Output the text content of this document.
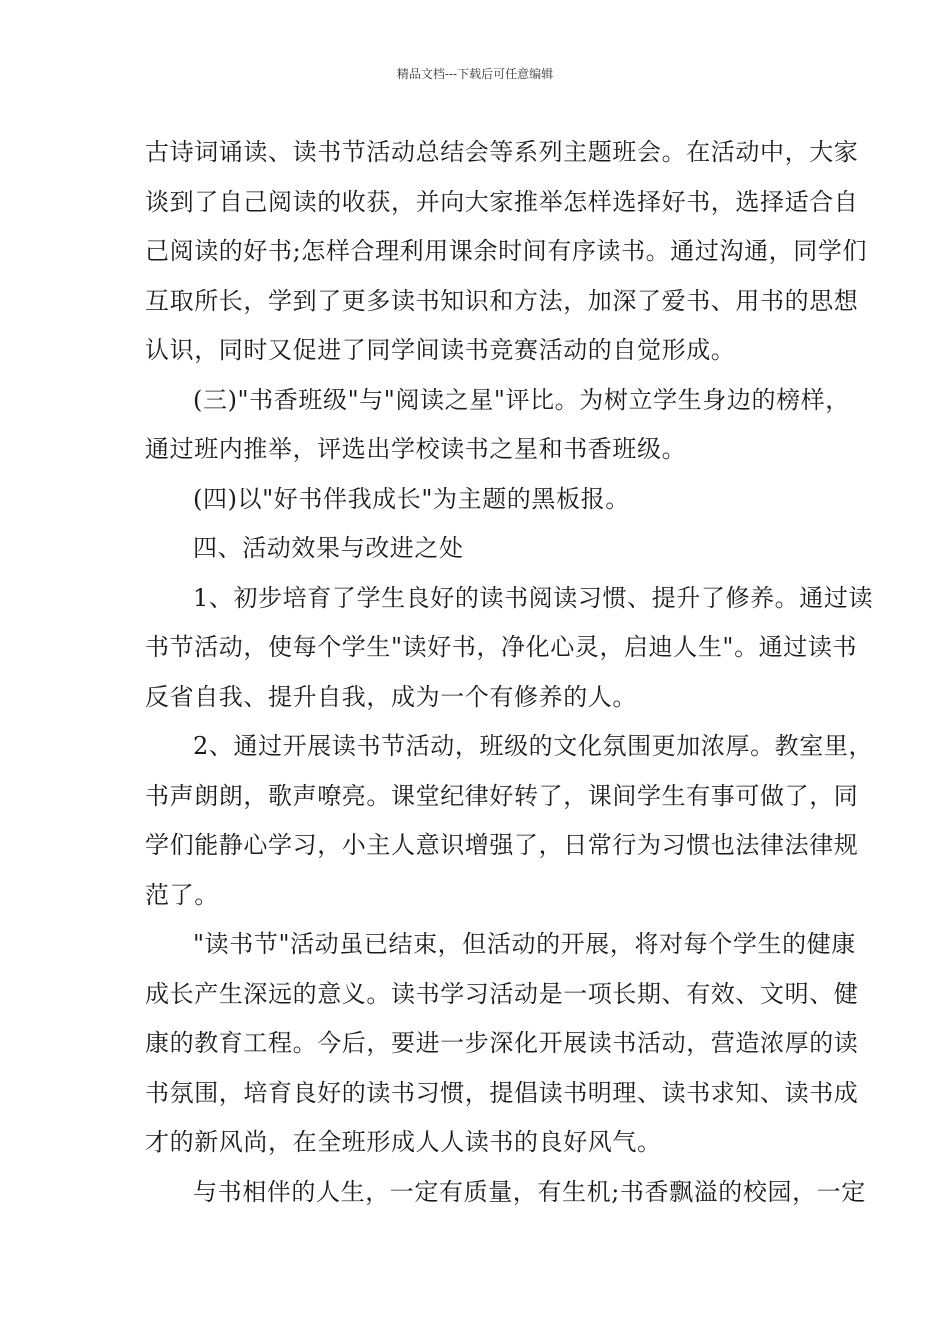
精品文档---下载后可任意编辑
古诗词诵读、读书节活动总结会等系列主题班会。在活动中，大家
谈到了自己阅读的收获，并向大家推举怎样选择好书，选择适合自
己阅读的好书;怎样合理利用课余时间有序读书。通过沟通，同学们
互取所长，学到了更多读书知识和方法，加深了爱书、用书的思想
认识，同时又促进了同学间读书竞赛活动的自觉形成。
(三)"书香班级"与"阅读之星"评比。为树立学生身边的榜样，
通过班内推举，评选出学校读书之星和书香班级。
(四)以"好书伴我成长"为主题的黑板报。
四、活动效果与改进之处
1、初步培育了学生良好的读书阅读习惯、提升了修养。通过读
书节活动，使每个学生"读好书，净化心灵，启迪人生"。通过读书
反省自我、提升自我，成为一个有修养的人。
2、通过开展读书节活动，班级的文化氛围更加浓厚。教室里，
书声朗朗，歌声嘹亮。课堂纪律好转了，课间学生有事可做了，同
学们能静心学习，小主人意识增强了，日常行为习惯也法律法律规
范了。
"读书节"活动虽已结束，但活动的开展，将对每个学生的健康
成长产生深远的意义。读书学习活动是一项长期、有效、文明、健
康的教育工程。今后，要进一步深化开展读书活动，营造浓厚的读
书氛围，培育良好的读书习惯，提倡读书明理、读书求知、读书成
才的新风尚，在全班形成人人读书的良好风气。
与书相伴的人生，一定有质量，有生机;书香飘溢的校园，一定
